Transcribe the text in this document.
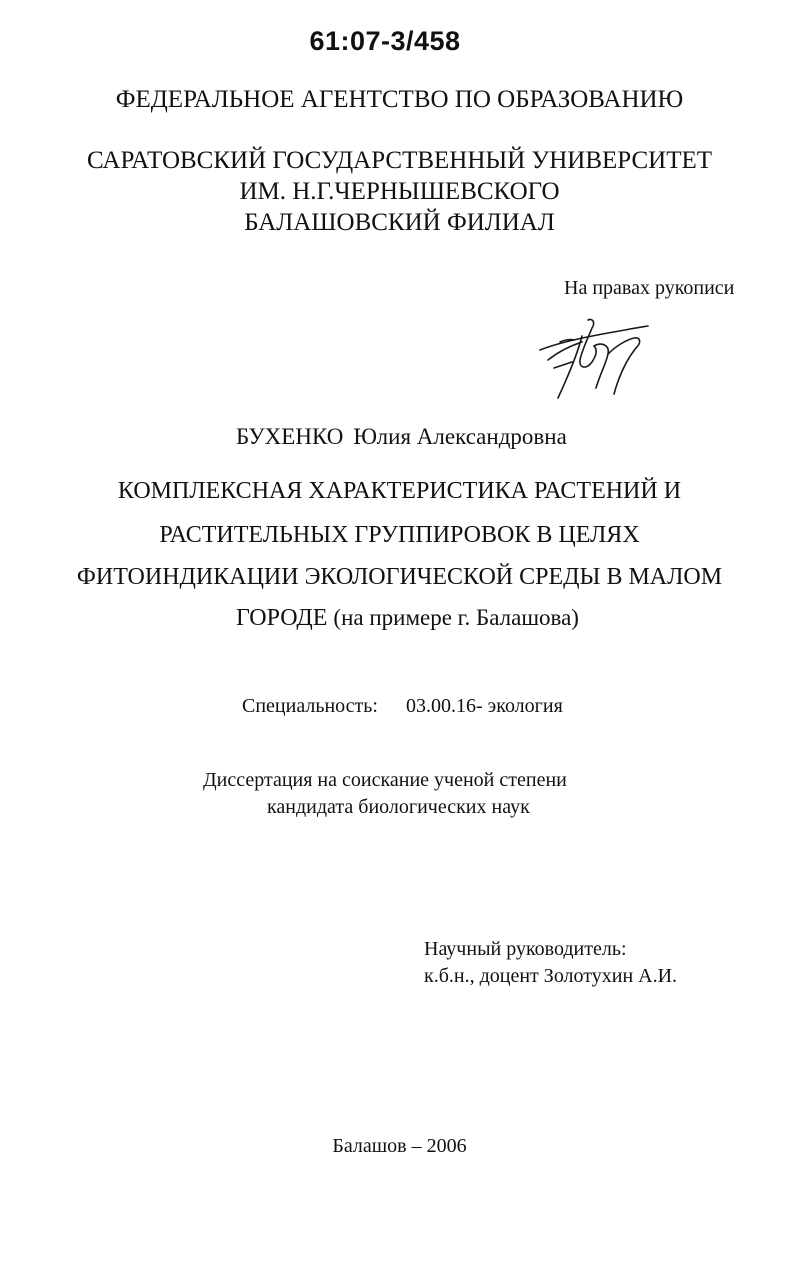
61:07-3/458
ФЕДЕРАЛЬНОЕ АГЕНТСТВО ПО ОБРАЗОВАНИЮ
САРАТОВСКИЙ ГОСУДАРСТВЕННЫЙ УНИВЕРСИТЕТ
ИМ. Н.Г.ЧЕРНЫШЕВСКОГО
БАЛАШОВСКИЙ ФИЛИАЛ
На правах рукописи
БУХЕНКО Юлия Александровна
КОМПЛЕКСНАЯ ХАРАКТЕРИСТИКА РАСТЕНИЙ И
РАСТИТЕЛЬНЫХ ГРУППИРОВОК В ЦЕЛЯХ
ФИТОИНДИКАЦИИ ЭКОЛОГИЧЕСКОЙ СРЕДЫ В МАЛОМ
ГОРОДЕ (на примере г. Балашова)
Специальность: 03.00.16- экология
Диссертация на соискание ученой степени
кандидата биологических наук
Научный руководитель:
к.б.н., доцент Золотухин А.И.
Балашов – 2006
